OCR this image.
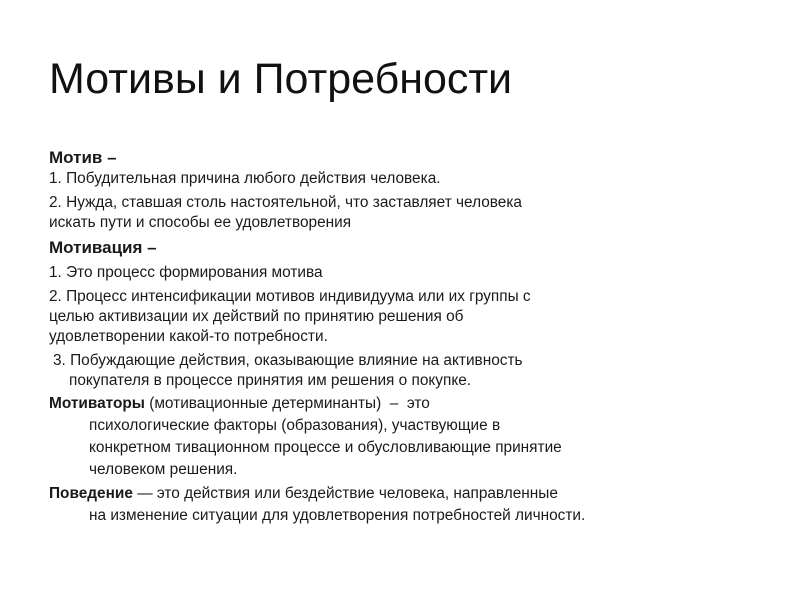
Мотивы и Потребности

Мотив –

1. Побудительная причина любого действия человека.

2. Нужда, ставшая столь настоятельной, что заставляет человека
искать пути и способы ее удовлетворения

Мотивация –

1. Это процесс формирования мотива

2. Процесс интенсификации мотивов индивидуума или их группы с
целью активизации их действий по принятию решения об
удовлетворении какой-то потребности.

3. Побуждающие действия, оказывающие влияние на активность
покупателя в процессе принятия им решения о покупке.

Мотиваторы (мотивационные детерминанты)  –  это
психологические факторы (образования), участвующие в
конкретном тивационном процессе и обусловливающие принятие
человеком решения.

Поведение — это действия или бездействие человека, направленные
на изменение ситуации для удовлетворения потребностей личности.
